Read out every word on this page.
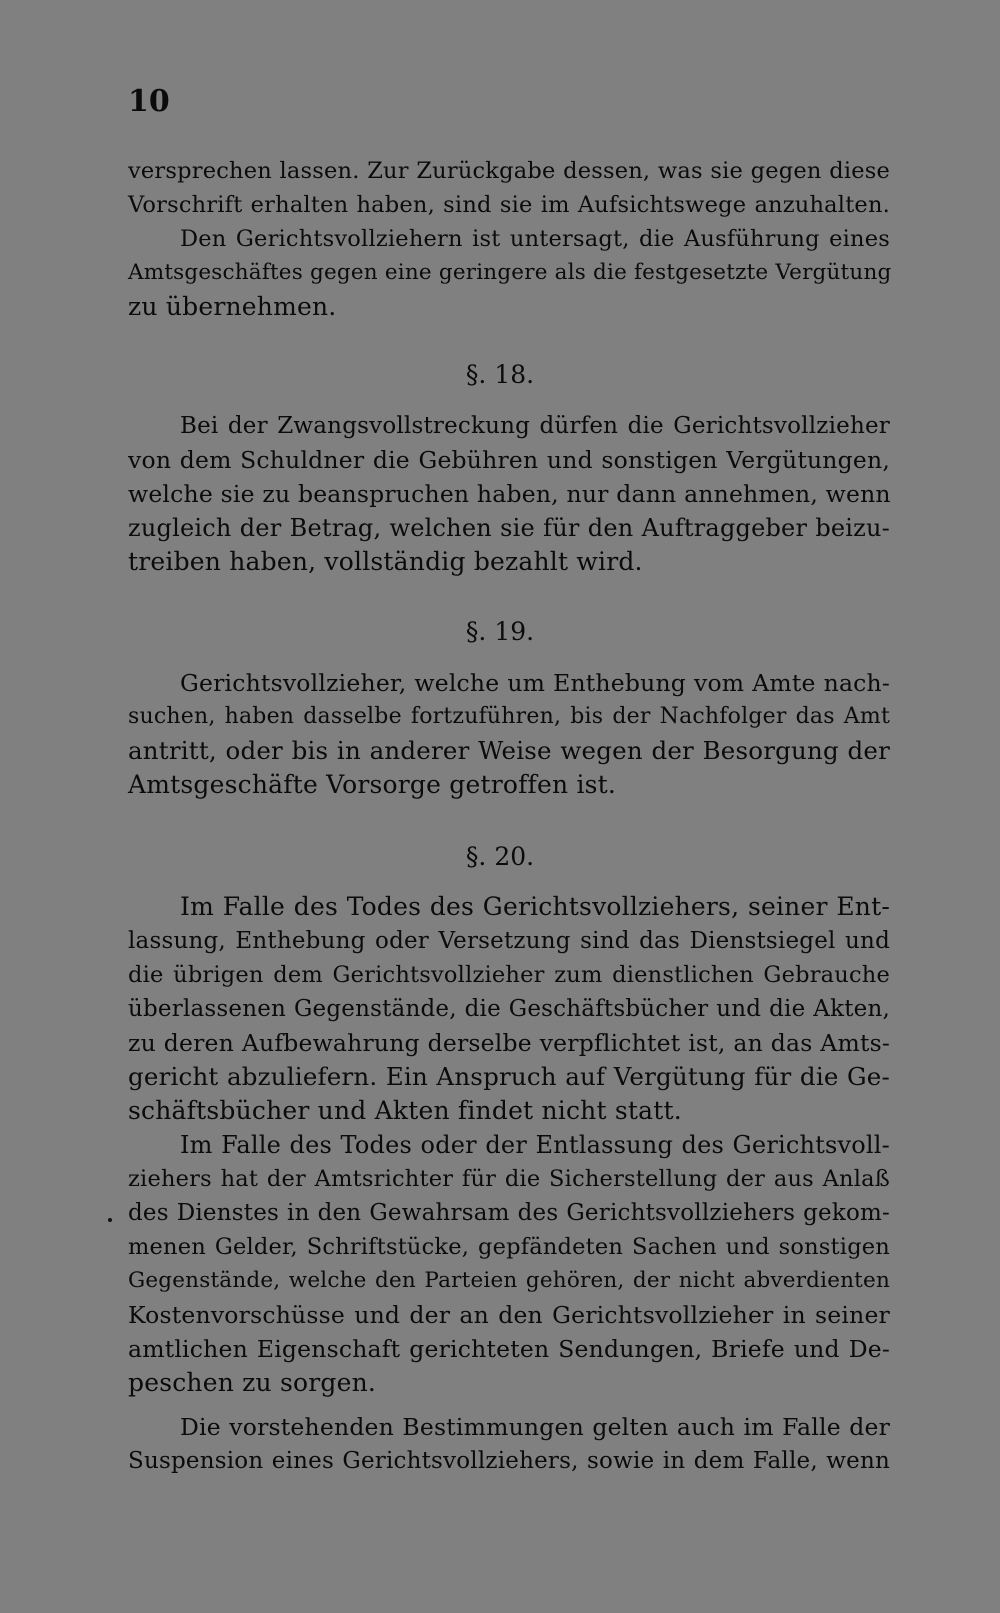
10
versprechen lassen. Zur Zurückgabe dessen, was sie gegen diese
Vorschrift erhalten haben, sind sie im Aufsichtswege anzuhalten.
Den Gerichtsvollziehern ist untersagt, die Ausführung eines
Amtsgeschäftes gegen eine geringere als die festgesetzte Vergütung
zu übernehmen.
§. 18.
Bei der Zwangsvollstreckung dürfen die Gerichtsvollzieher
von dem Schuldner die Gebühren und sonstigen Vergütungen,
welche sie zu beanspruchen haben, nur dann annehmen, wenn
zugleich der Betrag, welchen sie für den Auftraggeber beizu-
treiben haben, vollständig bezahlt wird.
§. 19.
Gerichtsvollzieher, welche um Enthebung vom Amte nach-
suchen, haben dasselbe fortzuführen, bis der Nachfolger das Amt
antritt, oder bis in anderer Weise wegen der Besorgung der
Amtsgeschäfte Vorsorge getroffen ist.
§. 20.
Im Falle des Todes des Gerichtsvollziehers, seiner Ent-
lassung, Enthebung oder Versetzung sind das Dienstsiegel und
die übrigen dem Gerichtsvollzieher zum dienstlichen Gebrauche
überlassenen Gegenstände, die Geschäftsbücher und die Akten,
zu deren Aufbewahrung derselbe verpflichtet ist, an das Amts-
gericht abzuliefern. Ein Anspruch auf Vergütung für die Ge-
schäftsbücher und Akten findet nicht statt.
Im Falle des Todes oder der Entlassung des Gerichtsvoll-
ziehers hat der Amtsrichter für die Sicherstellung der aus Anlaß
des Dienstes in den Gewahrsam des Gerichtsvollziehers gekom-
menen Gelder, Schriftstücke, gepfändeten Sachen und sonstigen
Gegenstände, welche den Parteien gehören, der nicht abverdienten
Kostenvorschüsse und der an den Gerichtsvollzieher in seiner
amtlichen Eigenschaft gerichteten Sendungen, Briefe und De-
peschen zu sorgen.
Die vorstehenden Bestimmungen gelten auch im Falle der
Suspension eines Gerichtsvollziehers, sowie in dem Falle, wenn
